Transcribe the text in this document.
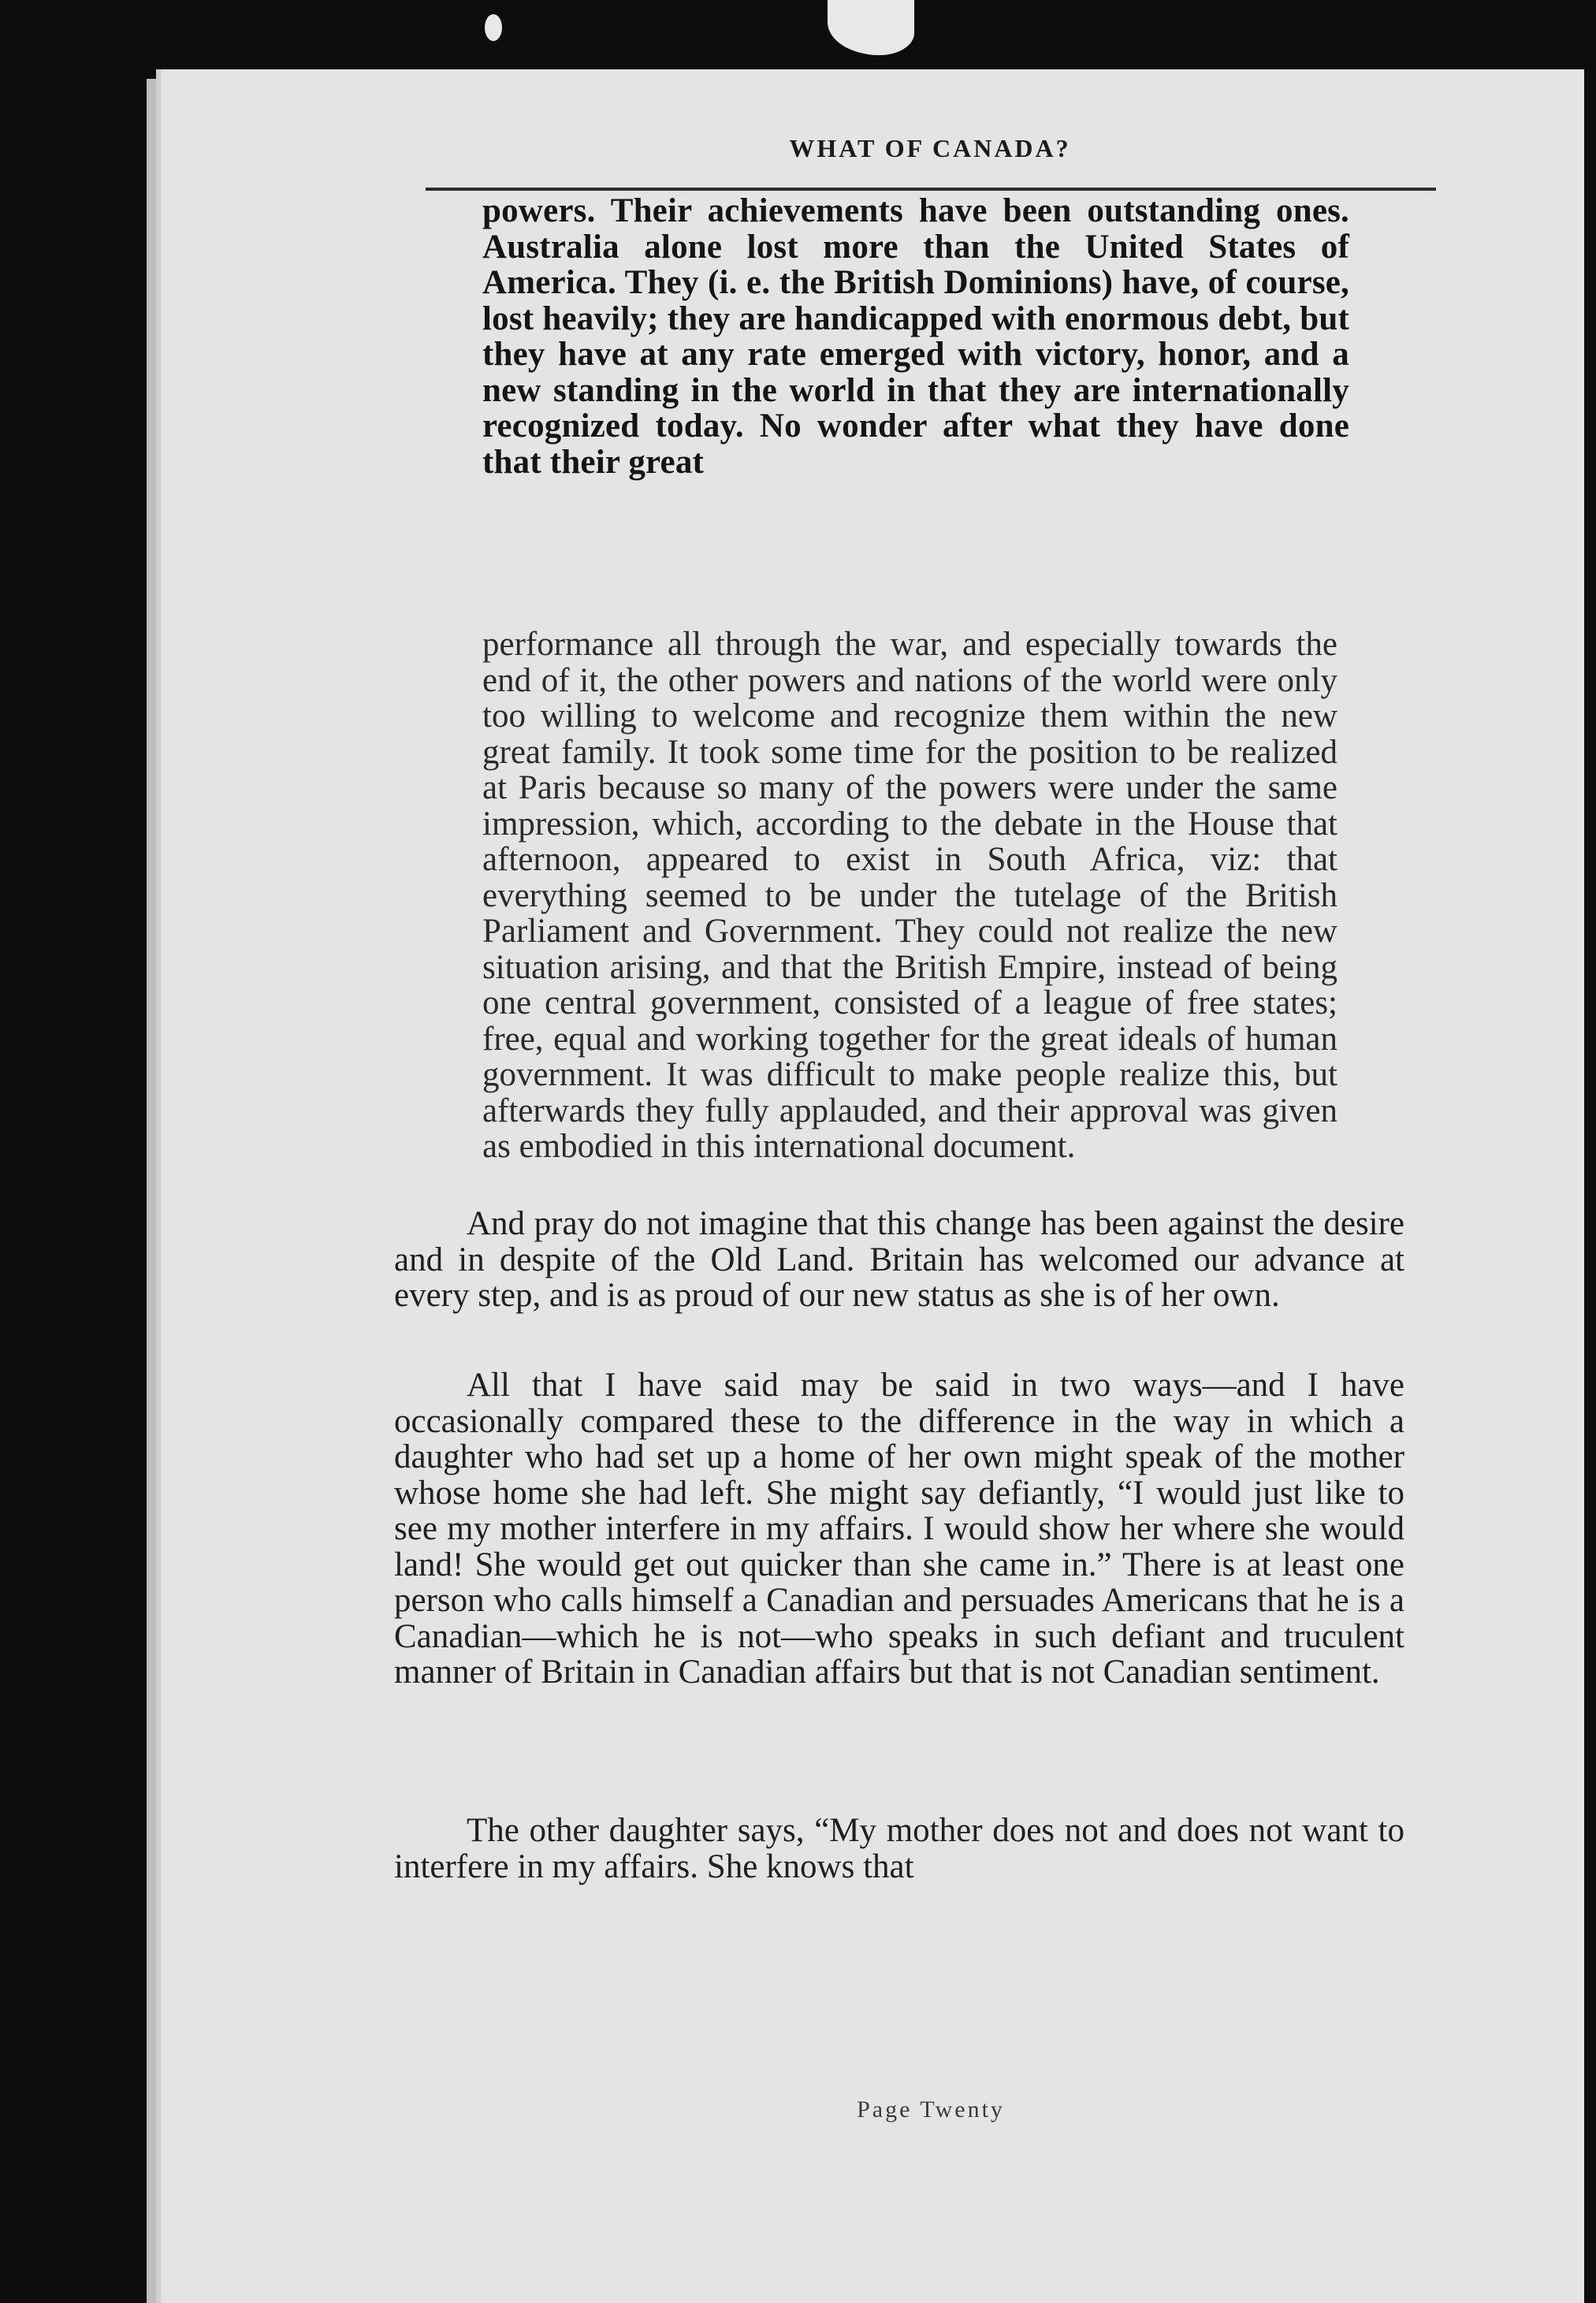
WHAT OF CANADA?
powers. Their achievements have been outstanding ones. Australia alone lost more than the United States of America. They (i. e. the British Dominions) have, of course, lost heavily; they are handicapped with enormous debt, but they have at any rate emerged with victory, honor, and a new standing in the world in that they are internationally recognized today. No wonder after what they have done that their great
performance all through the war, and especially towards the end of it, the other powers and nations of the world were only too willing to welcome and recognize them within the new great family. It took some time for the position to be realized at Paris because so many of the powers were under the same impression, which, according to the debate in the House that afternoon, appeared to exist in South Africa, viz: that everything seemed to be under the tutelage of the British Parliament and Government. They could not realize the new situation arising, and that the British Empire, instead of being one central government, consisted of a league of free states; free, equal and working together for the great ideals of human government. It was difficult to make people realize this, but afterwards they fully applauded, and their approval was given as embodied in this international document.
And pray do not imagine that this change has been against the desire and in despite of the Old Land. Britain has welcomed our advance at every step, and is as proud of our new status as she is of her own.
All that I have said may be said in two ways—and I have occasionally compared these to the difference in the way in which a daughter who had set up a home of her own might speak of the mother whose home she had left. She might say defiantly, “I would just like to see my mother interfere in my affairs. I would show her where she would land! She would get out quicker than she came in.” There is at least one person who calls himself a Canadian and persuades Americans that he is a Canadian—which he is not—who speaks in such defiant and truculent manner of Britain in Canadian affairs but that is not Canadian sentiment.
The other daughter says, “My mother does not and does not want to interfere in my affairs. She knows that
Page Twenty
